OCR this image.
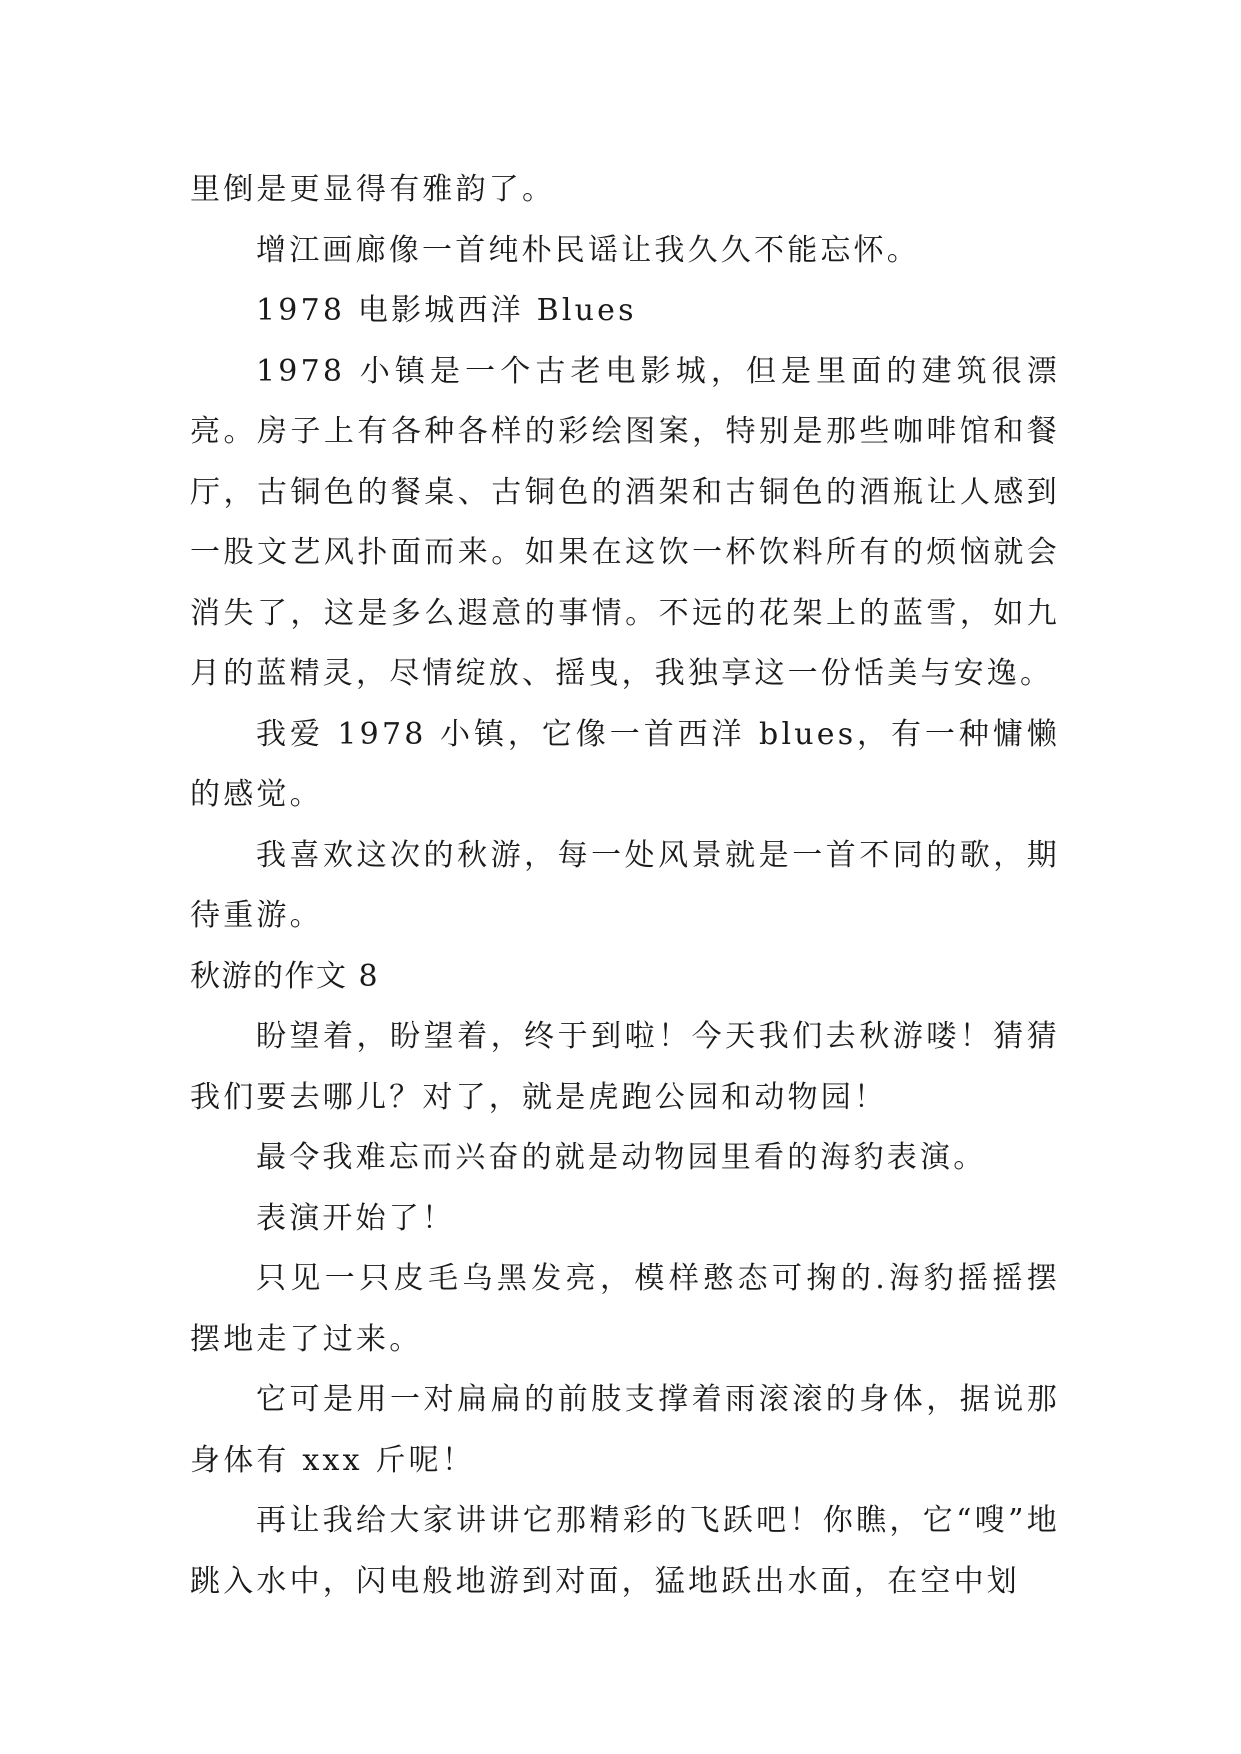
里倒是更显得有雅韵了。

增江画廊像一首纯朴民谣让我久久不能忘怀。

1978 电影城西洋 Blues

1978 小镇是一个古老电影城，但是里面的建筑很漂亮。房子上有各种各样的彩绘图案，特别是那些咖啡馆和餐厅，古铜色的餐桌、古铜色的酒架和古铜色的酒瓶让人感到一股文艺风扑面而来。如果在这饮一杯饮料所有的烦恼就会消失了，这是多么遐意的事情。不远的花架上的蓝雪，如九月的蓝精灵，尽情绽放、摇曳，我独享这一份恬美与安逸。

我爱 1978 小镇，它像一首西洋 blues，有一种慵懒的感觉。

我喜欢这次的秋游，每一处风景就是一首不同的歌，期待重游。

秋游的作文 8

盼望着，盼望着，终于到啦！今天我们去秋游喽！猜猜我们要去哪儿？对了，就是虎跑公园和动物园！

最令我难忘而兴奋的就是动物园里看的海豹表演。

表演开始了！

只见一只皮毛乌黑发亮，模样憨态可掬的.海豹摇摇摆摆地走了过来。

它可是用一对扁扁的前肢支撑着雨滚滚的身体，据说那身体有 xxx 斤呢！

再让我给大家讲讲它那精彩的飞跃吧！你瞧，它“嗖”地跳入水中，闪电般地游到对面，猛地跃出水面，在空中划
